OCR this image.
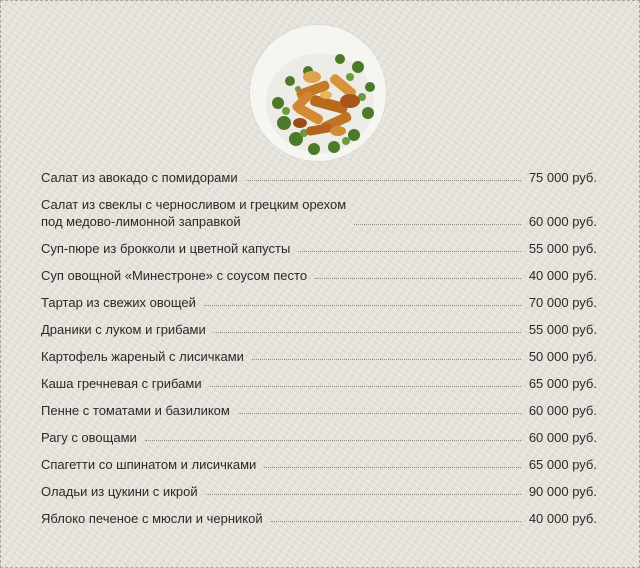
Салат из авокадо с помидорами	75 000 руб.
Салат из свеклы с черносливом и грецким орехом
под медово-лимонной заправкой	60 000 руб.
Суп-пюре из брокколи и цветной капусты	55 000 руб.
Суп овощной «Минестроне» с соусом песто	40 000 руб.
Тартар из свежих овощей	70 000 руб.
Драники с луком и грибами	55 000 руб.
Картофель жареный с лисичками	50 000 руб.
Каша гречневая с грибами	65 000 руб.
Пенне с томатами и базиликом	60 000 руб.
Рагу с овощами	60 000 руб.
Спагетти со шпинатом и лисичками	65 000 руб.
Оладьи из цукини с икрой	90 000 руб.
Яблоко печеное с мюсли и черникой	40 000 руб.
